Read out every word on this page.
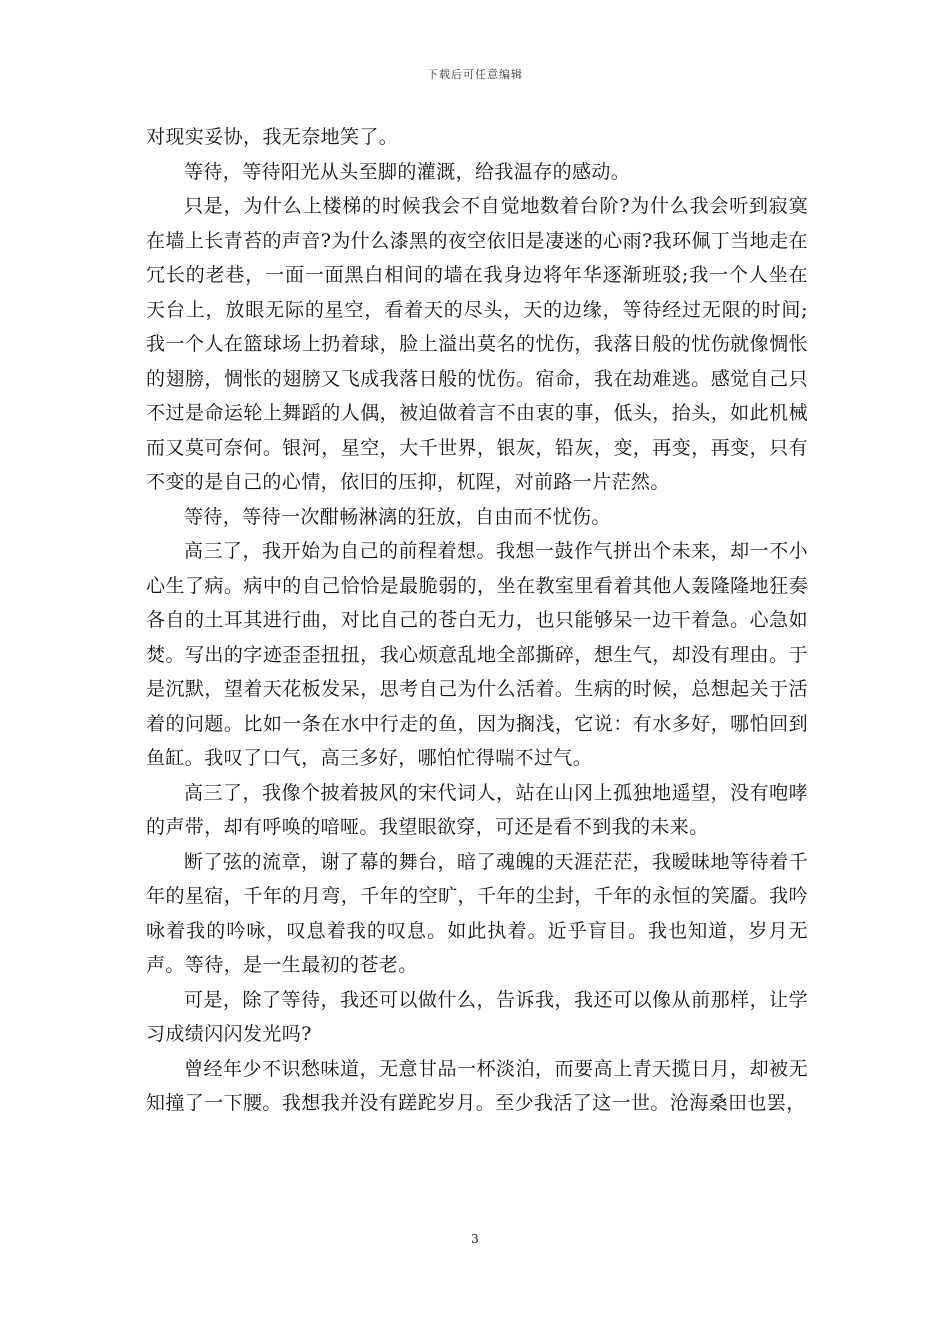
下载后可任意编辑

对现实妥协，我无奈地笑了。

等待，等待阳光从头至脚的灌溉，给我温存的感动。

只是，为什么上楼梯的时候我会不自觉地数着台阶?为什么我会听到寂寞在墙上长青苔的声音?为什么漆黑的夜空依旧是凄迷的心雨?我环佩丁当地走在冗长的老巷，一面一面黑白相间的墙在我身边将年华逐渐班驳;我一个人坐在天台上，放眼无际的星空，看着天的尽头，天的边缘，等待经过无限的时间;我一个人在篮球场上扔着球，脸上溢出莫名的忧伤，我落日般的忧伤就像惆怅的翅膀，惆怅的翅膀又飞成我落日般的忧伤。宿命，我在劫难逃。感觉自己只不过是命运轮上舞蹈的人偶，被迫做着言不由衷的事，低头，抬头，如此机械而又莫可奈何。银河，星空，大千世界，银灰，铅灰，变，再变，再变，只有不变的是自己的心情，依旧的压抑，杌陧，对前路一片茫然。

等待，等待一次酣畅淋漓的狂放，自由而不忧伤。

高三了，我开始为自己的前程着想。我想一鼓作气拼出个未来，却一不小心生了病。病中的自己恰恰是最脆弱的，坐在教室里看着其他人轰隆隆地狂奏各自的土耳其进行曲，对比自己的苍白无力，也只能够呆一边干着急。心急如焚。写出的字迹歪歪扭扭，我心烦意乱地全部撕碎，想生气，却没有理由。于是沉默，望着天花板发呆，思考自己为什么活着。生病的时候，总想起关于活着的问题。比如一条在水中行走的鱼，因为搁浅，它说：有水多好，哪怕回到鱼缸。我叹了口气，高三多好，哪怕忙得喘不过气。

高三了，我像个披着披风的宋代词人，站在山冈上孤独地遥望，没有咆哮的声带，却有呼唤的喑哑。我望眼欲穿，可还是看不到我的未来。

断了弦的流章，谢了幕的舞台，暗了魂魄的天涯茫茫，我暧昧地等待着千年的星宿，千年的月弯，千年的空旷，千年的尘封，千年的永恒的笑靥。我吟咏着我的吟咏，叹息着我的叹息。如此执着。近乎盲目。我也知道，岁月无声。等待，是一生最初的苍老。

可是，除了等待，我还可以做什么，告诉我，我还可以像从前那样，让学习成绩闪闪发光吗?

曾经年少不识愁味道，无意甘品一杯淡泊，而要高上青天揽日月，却被无知撞了一下腰。我想我并没有蹉跎岁月。至少我活了这一世。沧海桑田也罢，

3
